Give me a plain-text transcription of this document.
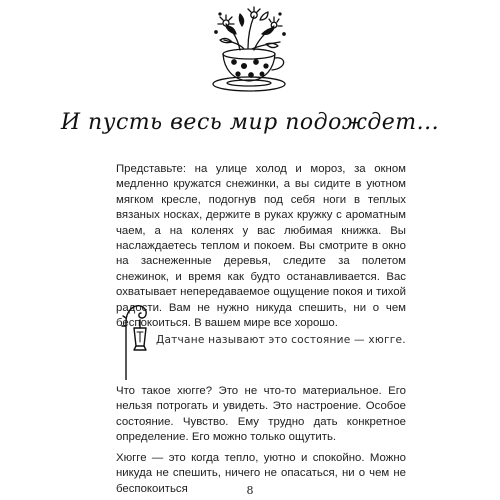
И пусть весь мир подождет...

Представьте: на улице холод и мороз, за окном медленно кружатся снежинки, а вы сидите в уютном мягком кресле, подогнув под себя ноги в теплых вязаных носках, держите в руках кружку с ароматным чаем, а на коленях у вас любимая книжка. Вы наслаждаетесь теплом и покоем. Вы смотрите в окно на заснеженные деревья, следите за полетом снежинок, и время как будто останавливается. Вас охватывает непередаваемое ощущение покоя и тихой радости. Вам не нужно никуда спешить, ни о чем беспокоиться. В вашем мире все хорошо.

Датчане называют это состояние — хюгге.

Что такое хюгге? Это не что-то материальное. Его нельзя потрогать и увидеть. Это настроение. Особое состояние. Чувство. Ему трудно дать конкретное определение. Его можно только ощутить.

Хюгге — это когда тепло, уютно и спокойно. Можно никуда не спешить, ничего не опасаться, ни о чем не беспокоиться	8
